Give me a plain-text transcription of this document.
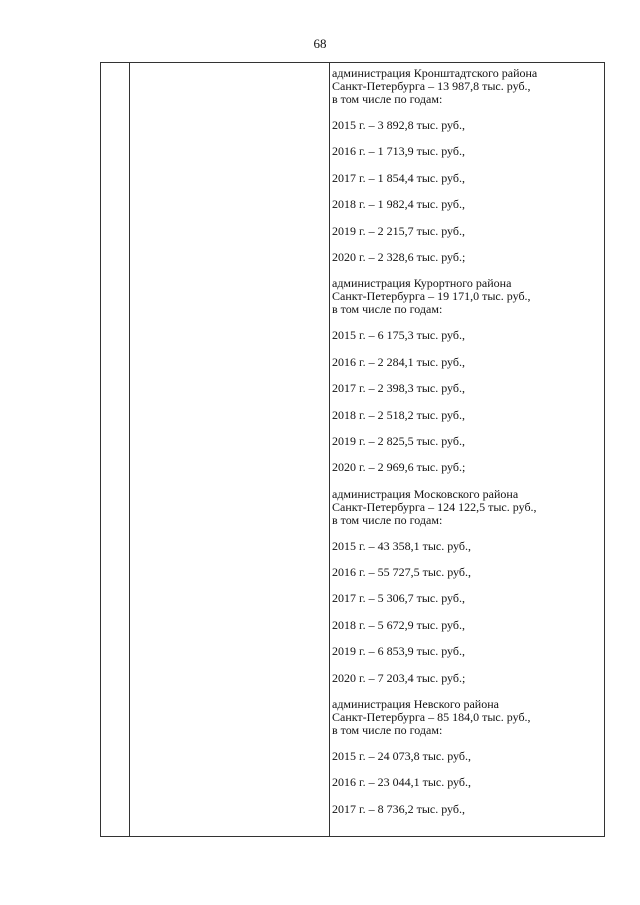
68
администрация Кронштадтского района
Санкт-Петербурга – 13 987,8 тыс. руб.,
в том числе по годам:
2015 г. – 3 892,8 тыс. руб.,
2016 г. – 1 713,9 тыс. руб.,
2017 г. – 1 854,4 тыс. руб.,
2018 г. – 1 982,4 тыс. руб.,
2019 г. – 2 215,7 тыс. руб.,
2020 г. – 2 328,6 тыс. руб.;
администрация Курортного района
Санкт-Петербурга – 19 171,0 тыс. руб.,
в том числе по годам:
2015 г. – 6 175,3 тыс. руб.,
2016 г. – 2 284,1 тыс. руб.,
2017 г. – 2 398,3 тыс. руб.,
2018 г. – 2 518,2 тыс. руб.,
2019 г. – 2 825,5 тыс. руб.,
2020 г. – 2 969,6 тыс. руб.;
администрация Московского района
Санкт-Петербурга – 124 122,5 тыс. руб.,
в том числе по годам:
2015 г. – 43 358,1 тыс. руб.,
2016 г. – 55 727,5 тыс. руб.,
2017 г. – 5 306,7 тыс. руб.,
2018 г. – 5 672,9 тыс. руб.,
2019 г. – 6 853,9 тыс. руб.,
2020 г. – 7 203,4 тыс. руб.;
администрация Невского района
Санкт-Петербурга – 85 184,0 тыс. руб.,
в том числе по годам:
2015 г. – 24 073,8 тыс. руб.,
2016 г. – 23 044,1 тыс. руб.,
2017 г. – 8 736,2 тыс. руб.,
